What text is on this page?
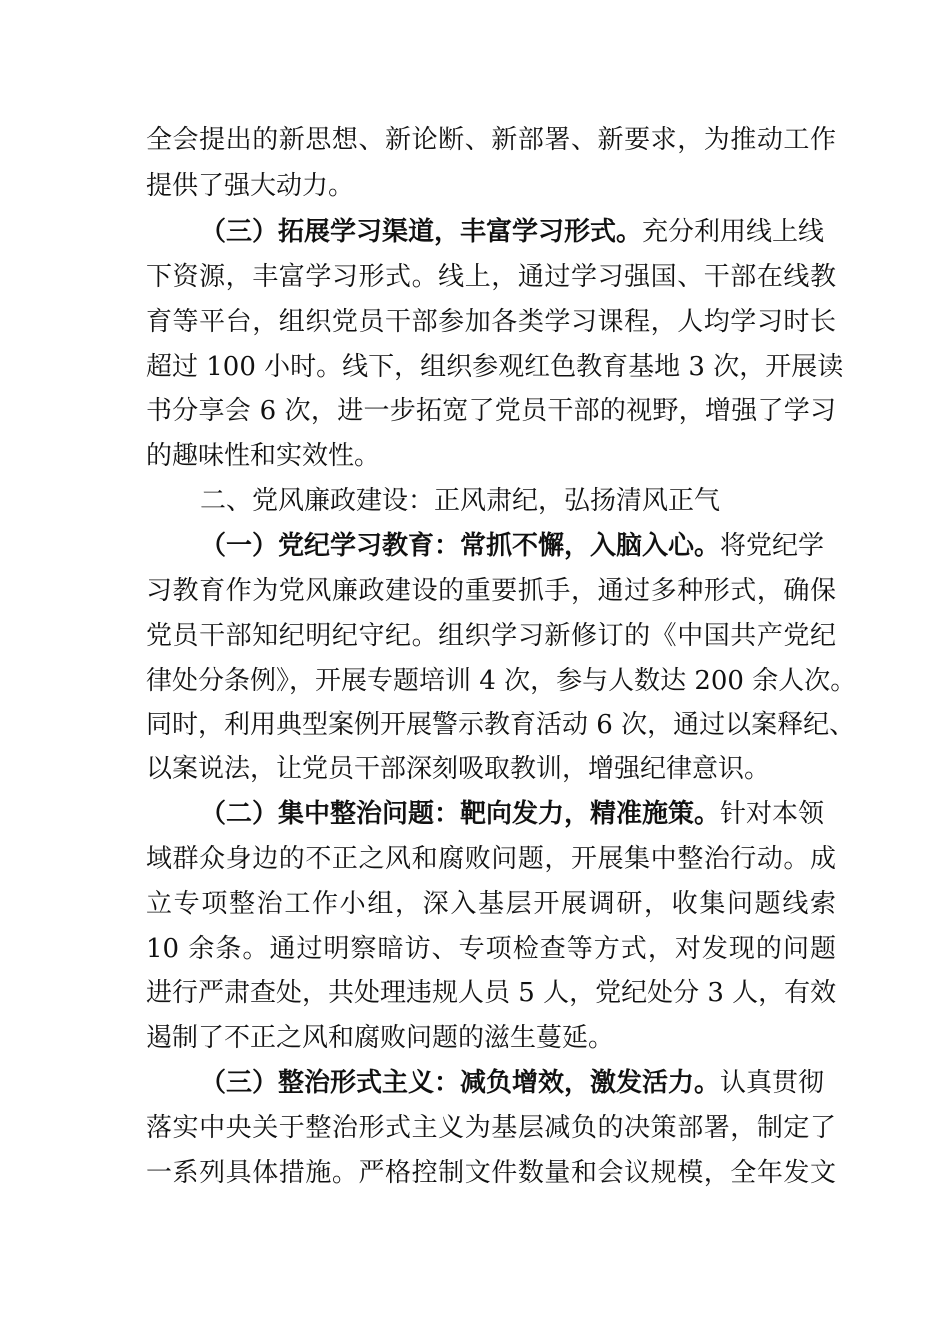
全会提出的新思想、新论断、新部署、新要求，为推动工作
提供了强大动力。
（三）拓展学习渠道，丰富学习形式。充分利用线上线
下资源，丰富学习形式。线上，通过学习强国、干部在线教
育等平台，组织党员干部参加各类学习课程，人均学习时长
超过 100 小时。线下，组织参观红色教育基地 3 次，开展读
书分享会 6 次，进一步拓宽了党员干部的视野，增强了学习
的趣味性和实效性。
二、党风廉政建设：正风肃纪，弘扬清风正气
（一）党纪学习教育：常抓不懈，入脑入心。将党纪学
习教育作为党风廉政建设的重要抓手，通过多种形式，确保
党员干部知纪明纪守纪。组织学习新修订的《中国共产党纪
律处分条例》，开展专题培训 4 次，参与人数达 200 余人次。
同时，利用典型案例开展警示教育活动 6 次，通过以案释纪、
以案说法，让党员干部深刻吸取教训，增强纪律意识。
（二）集中整治问题：靶向发力，精准施策。针对本领
域群众身边的不正之风和腐败问题，开展集中整治行动。成
立专项整治工作小组，深入基层开展调研，收集问题线索
10 余条。通过明察暗访、专项检查等方式，对发现的问题
进行严肃查处，共处理违规人员 5 人，党纪处分 3 人，有效
遏制了不正之风和腐败问题的滋生蔓延。
（三）整治形式主义：减负增效，激发活力。认真贯彻
落实中央关于整治形式主义为基层减负的决策部署，制定了
一系列具体措施。严格控制文件数量和会议规模，全年发文
